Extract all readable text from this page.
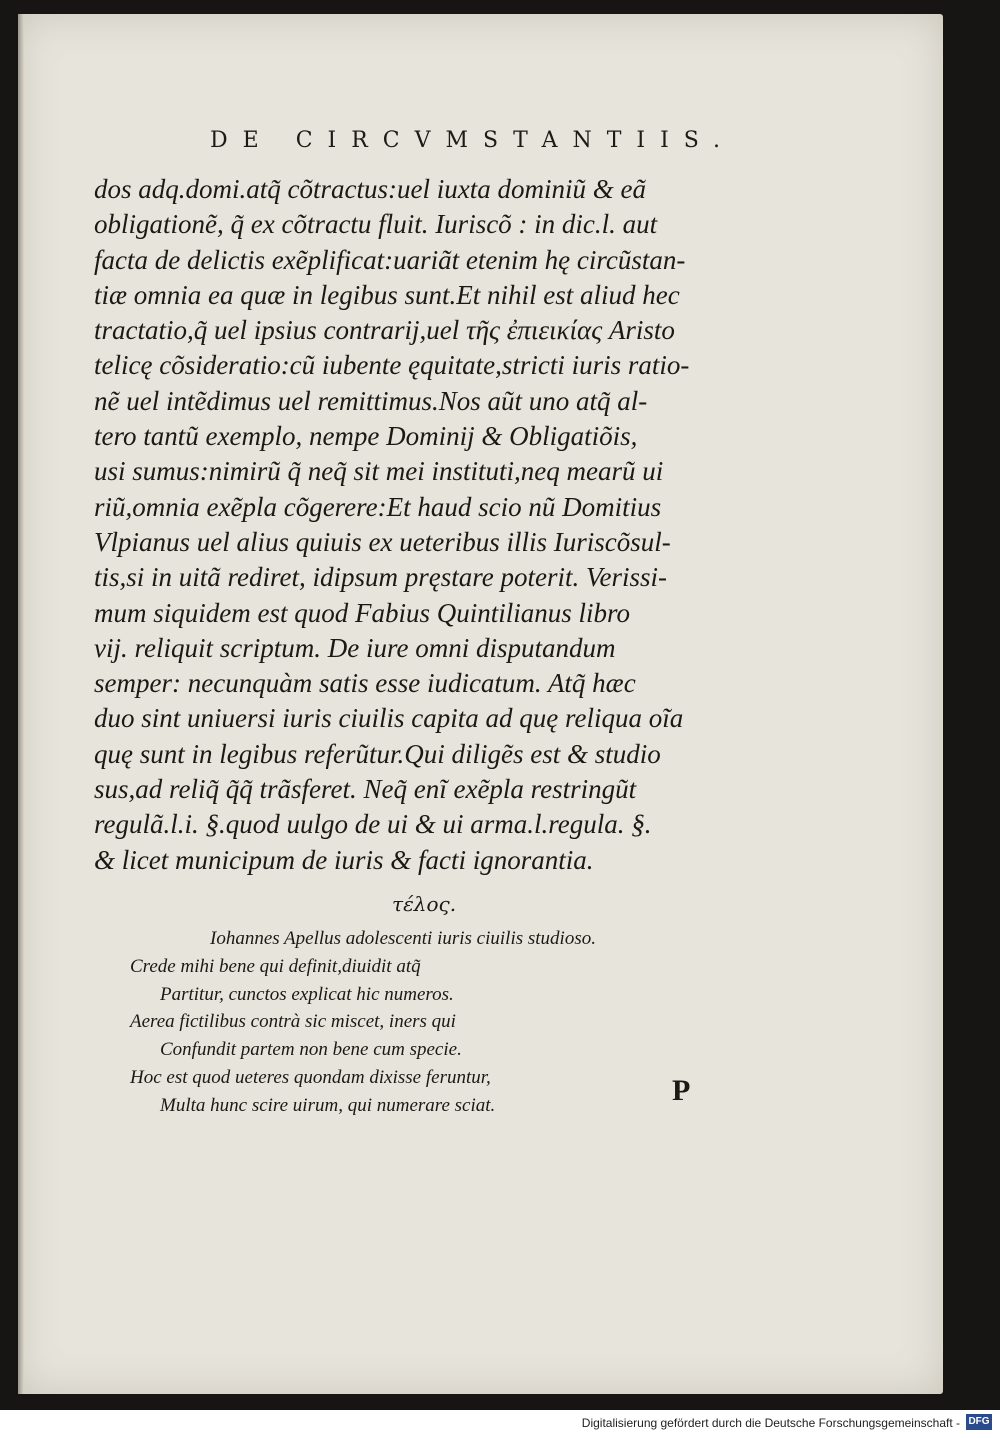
DE CIRCVMSTANTIIS.
dos adq.domi.atq̃ cõtractus:uel iuxta dominiũ & eã
obligationẽ, q̃ ex cõtractu fluit. Iuriscõ : in dic.l. aut
facta de delictis exẽplificat:uariãt etenim hę circũstan-
tiæ omnia ea quæ in legibus sunt.Et nihil est aliud hec
tractatio,q̃ uel ipsius contrarij,uel τῆς ἐπιεικίας Aristo
telicę cõsideratio:cũ iubente ęquitate,stricti iuris ratio-
nẽ uel intẽdimus uel remittimus.Nos aũt uno atq̃ al-
tero tantũ exemplo, nempe Dominij & Obligatiõis,
usi sumus:nimirũ q̃ neq̃ sit mei instituti,neq mearũ ui
riũ,omnia exẽpla cõgerere:Et haud scio nũ Domitius
Vlpianus uel alius quiuis ex ueteribus illis Iuriscõsul-
tis,si in uitã rediret, idipsum pręstare poterit. Verissi-
mum siquidem est quod Fabius Quintilianus libro
vij. reliquit scriptum. De iure omni disputandum
semper: necunquàm satis esse iudicatum. Atq̃ hæc
duo sint uniuersi iuris ciuilis capita ad quę reliqua oĩa
quę sunt in legibus referũtur.Qui diligẽs est & studio
sus,ad reliq̃ q̃q̃ trãsferet. Neq̃ enĩ exẽpla restringũt
regulã.l.i. §.quod uulgo de ui & ui arma.l.regula. §.
& licet municipum de iuris & facti ignorantia.
τέλος.
Iohannes Apellus adolescenti iuris ciuilis studioso.
Crede mihi bene qui definit,diuidit atq̃
Partitur, cunctos explicat hic numeros.
Aerea fictilibus contrà sic miscet, iners qui
Confundit partem non bene cum specie.
Hoc est quod ueteres quondam dixisse feruntur,
Multa hunc scire uirum, qui numerare sciat.	P
Digitalisierung gefördert durch die Deutsche Forschungsgemeinschaft - DFG
